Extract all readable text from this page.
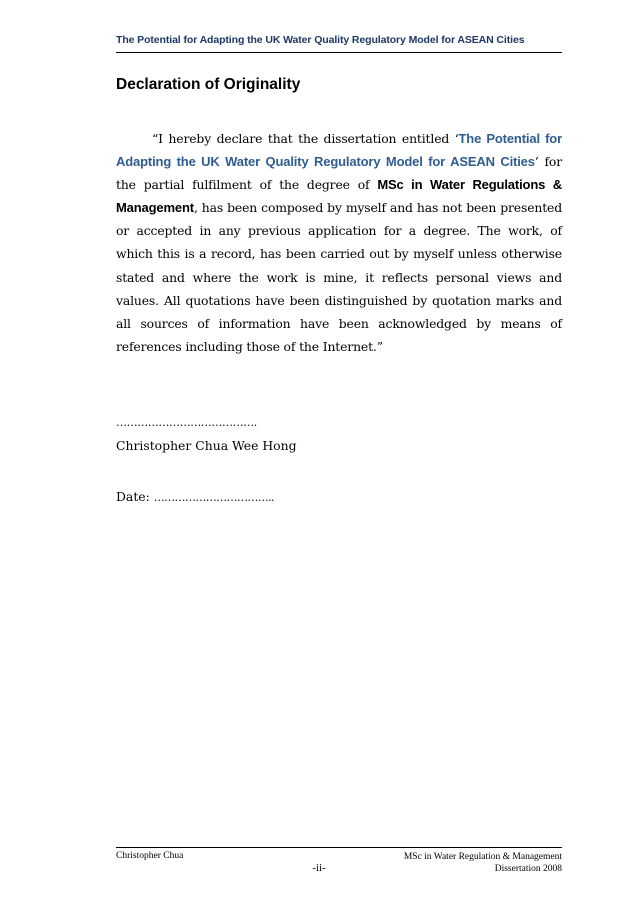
The Potential for Adapting the UK Water Quality Regulatory Model for ASEAN Cities
Declaration of Originality
“I hereby declare that the dissertation entitled ‘The Potential for Adapting the UK Water Quality Regulatory Model for ASEAN Cities’ for the partial fulfilment of the degree of MSc in Water Regulations & Management, has been composed by myself and has not been presented or accepted in any previous application for a degree. The work, of which this is a record, has been carried out by myself unless otherwise stated and where the work is mine, it reflects personal views and values. All quotations have been distinguished by quotation marks and all sources of information have been acknowledged by means of references including those of the Internet.”
………………………………….
Christopher Chua Wee Hong
Date: ……………………………..
Christopher Chua	MSc in Water Regulation & Management
Dissertation 2008
-ii-
